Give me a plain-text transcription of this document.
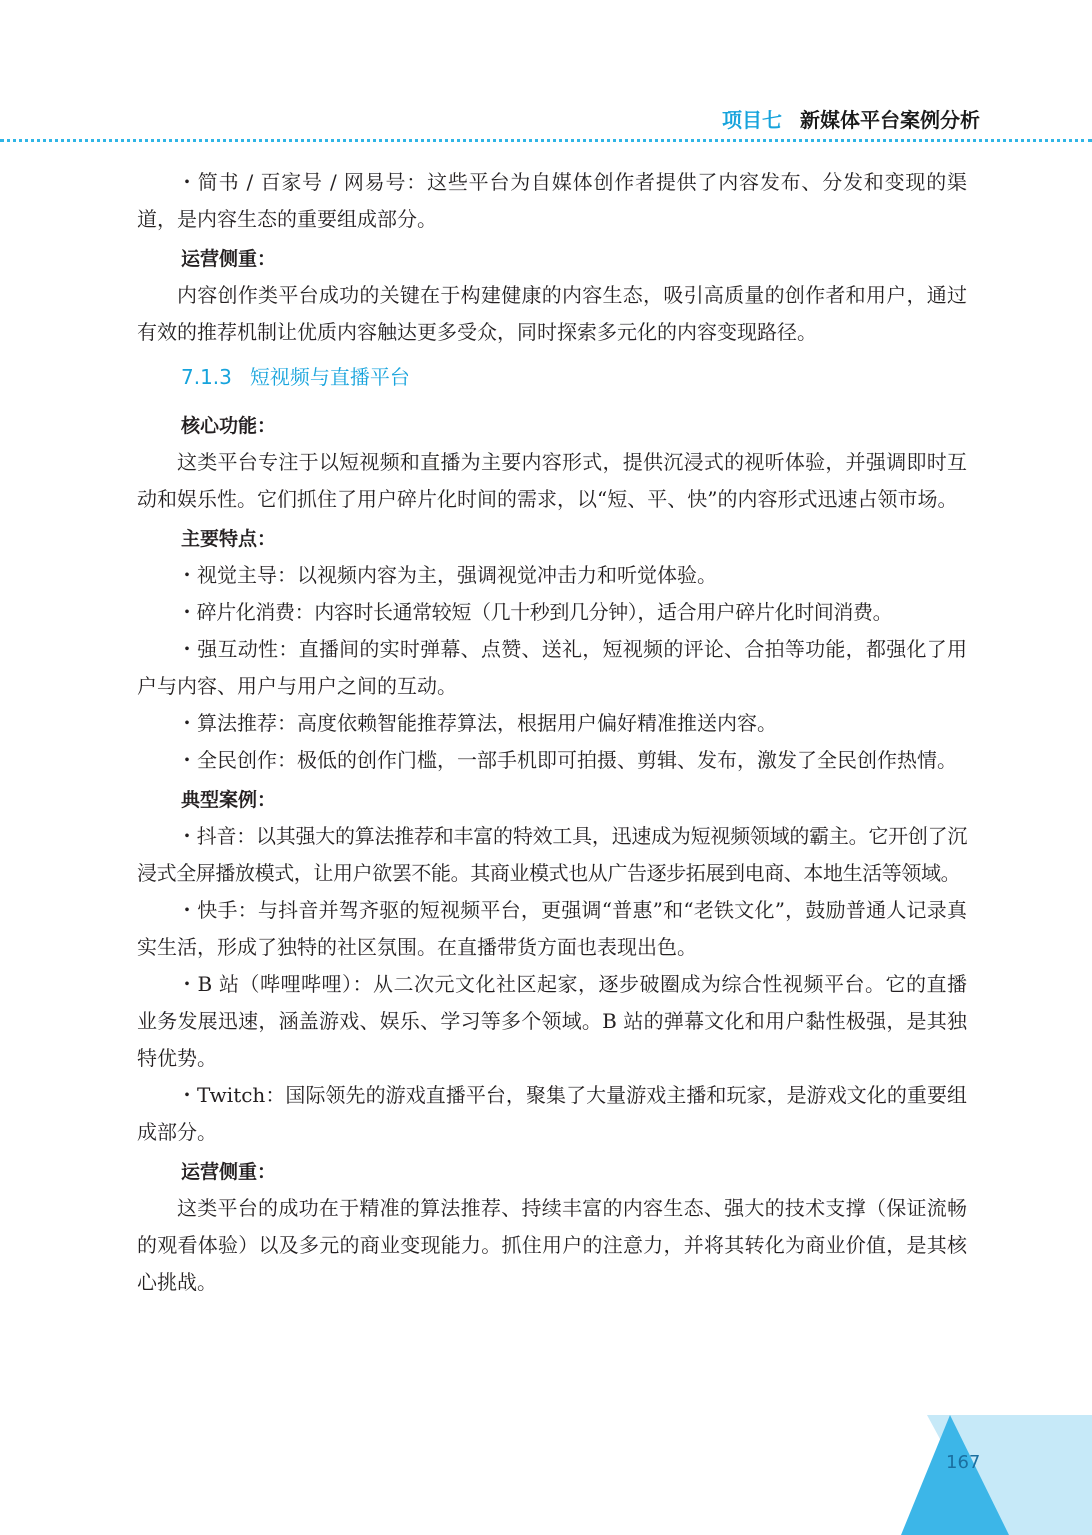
项目七 新媒体平台案例分析

・简书 / 百家号 / 网易号：这些平台为自媒体创作者提供了内容发布、分发和变现的渠道，是内容生态的重要组成部分。

运营侧重：

内容创作类平台成功的关键在于构建健康的内容生态，吸引高质量的创作者和用户，通过有效的推荐机制让优质内容触达更多受众，同时探索多元化的内容变现路径。

7.1.3 短视频与直播平台
核心功能：

这类平台专注于以短视频和直播为主要内容形式，提供沉浸式的视听体验，并强调即时互动和娱乐性。它们抓住了用户碎片化时间的需求，以“短、平、快”的内容形式迅速占领市场。

主要特点：

・视觉主导：以视频内容为主，强调视觉冲击力和听觉体验。

・碎片化消费：内容时长通常较短（几十秒到几分钟），适合用户碎片化时间消费。

・强互动性：直播间的实时弹幕、点赞、送礼，短视频的评论、合拍等功能，都强化了用户与内容、用户与用户之间的互动。

・算法推荐：高度依赖智能推荐算法，根据用户偏好精准推送内容。

・全民创作：极低的创作门槛，一部手机即可拍摄、剪辑、发布，激发了全民创作热情。

典型案例：

・抖音：以其强大的算法推荐和丰富的特效工具，迅速成为短视频领域的霸主。它开创了沉浸式全屏播放模式，让用户欲罢不能。其商业模式也从广告逐步拓展到电商、本地生活等领域。

・快手：与抖音并驾齐驱的短视频平台，更强调“普惠”和“老铁文化”，鼓励普通人记录真实生活，形成了独特的社区氛围。在直播带货方面也表现出色。

・B 站（哔哩哔哩）：从二次元文化社区起家，逐步破圈成为综合性视频平台。它的直播业务发展迅速，涵盖游戏、娱乐、学习等多个领域。B 站的弹幕文化和用户黏性极强，是其独特优势。

・Twitch：国际领先的游戏直播平台，聚集了大量游戏主播和玩家，是游戏文化的重要组成部分。

运营侧重：

这类平台的成功在于精准的算法推荐、持续丰富的内容生态、强大的技术支撑（保证流畅的观看体验）以及多元的商业变现能力。抓住用户的注意力，并将其转化为商业价值，是其核心挑战。

167
